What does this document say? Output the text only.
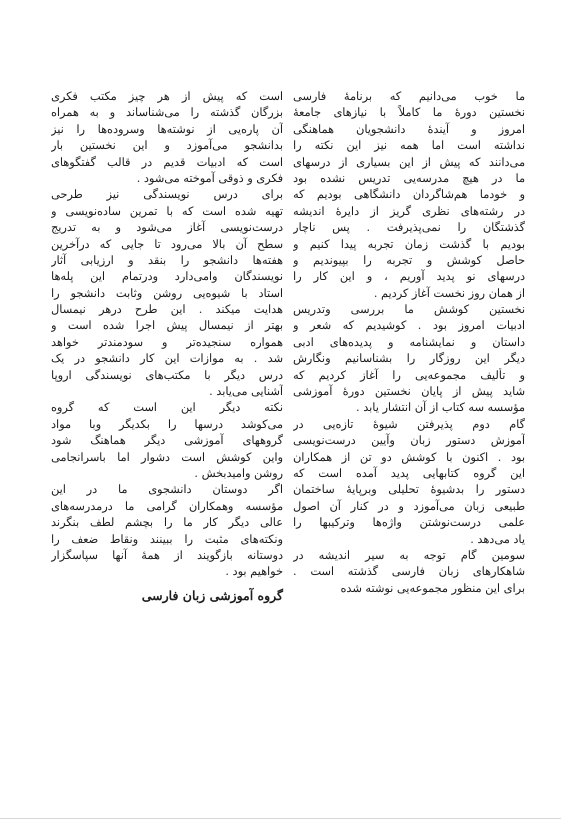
ما خوب می‌دانیم که برنامهٔ فارسی
نخستین دورهٔ ما کاملاً با نیازهای جامعهٔ
امروز و آیندهٔ دانشجویان هماهنگی
نداشته است اما همه نیز این نکته را
می‌دانند که پیش از این بسیاری از درسهای
ما در هیچ مدرسه‌یی تدریس نشده بود
و خودما هم‌شاگردان دانشگاهی بودیم که
در رشته‌های نظری گریز از دایرهٔ اندیشه
گذشتگان را نمی‌پذیرفت . پس ناچار
بودیم با گذشت زمان تجربه پیدا کنیم و
حاصل کوشش و تجربه را بپیوندیم و
درسهای نو پدید آوریم ، و این کار را
از همان روز نخست آغاز کردیم .
نخستین کوشش ما بررسی وتدریس
ادبیات امروز بود . کوشیدیم که شعر و
داستان و نمایشنامه و پدیده‌های ادبی
دیگر این روزگار را بشناسانیم ونگارش
و تألیف مجموعه‌یی را آغاز کردیم که
شاید پیش از پایان نخستین دورهٔ آموزشی
مؤسسه سه کتاب از آن انتشار یابد .
گام دوم پذیرفتن شیوهٔ تازه‌یی در
آموزش دستور زبان وآیین درست‌نویسی
بود . اکنون با کوشش دو تن از همکاران
این گروه کتابهایی پدید آمده است که
دستور را بدشیوهٔ تحلیلی وبرپایهٔ ساختمان
طبیعی زبان می‌آموزد و در کنار آن اصول
علمی درست‌نوشتن واژه‌ها وترکیبها را
یاد می‌دهد .
سومین گام توجه به سیر اندیشه در
شاهکارهای زبان فارسی گذشته است .
برای این منظور مجموعه‌یی نوشته شده
است که پیش از هر چیز مکتب فکری
بزرگان گذشته را می‌شناساند و به همراه
آن پاره‌یی از نوشته‌ها وسروده‌ها را نیز
بدانشجو می‌آموزد و این نخستین بار
است که ادبیات قدیم در قالب گفتگوهای
فکری و ذوقی آموخته می‌شود .
برای درس نویسندگی نیز طرحی
تهیه شده است که با تمرین ساده‌نویسی و
درست‌نویسی آغاز می‌شود و به تدریج
سطح آن بالا می‌رود تا جایی که درآخرین
هفته‌ها دانشجو را بنقد و ارزیابی آثار
نویسندگان وامی‌دارد ودرتمام این پله‌ها
استاد با شیوه‌یی روشن وثابت دانشجو را
هدایت میکند . این طرح درهر نیمسال
بهتر از نیمسال پیش اجرا شده است و
همواره سنجیده‌تر و سودمندتر خواهد
شد . به موازات این کار دانشجو در یک
درس دیگر با مکتب‌های نویسندگی اروپا
آشنایی می‌یابد .
نکته دیگر این است که گروه
می‌کوشد درسها را بکدیگر وبا مواد
گروههای آموزشی دیگر هماهنگ شود
واین کوشش است دشوار اما باسرانجامی
روشن وامیدبخش .
اگر دوستان دانشجوی ما در این
مؤسسه وهمکاران گرامی ما درمدرسه‌های
عالی دیگر کار ما را بچشم لطف بنگرند
ونکته‌های مثبت را ببینند ونقاط ضعف را
دوستانه بازگویند از همهٔ آنها سپاسگزار
خواهیم بود .
گروه آموزشی زبان فارسی
